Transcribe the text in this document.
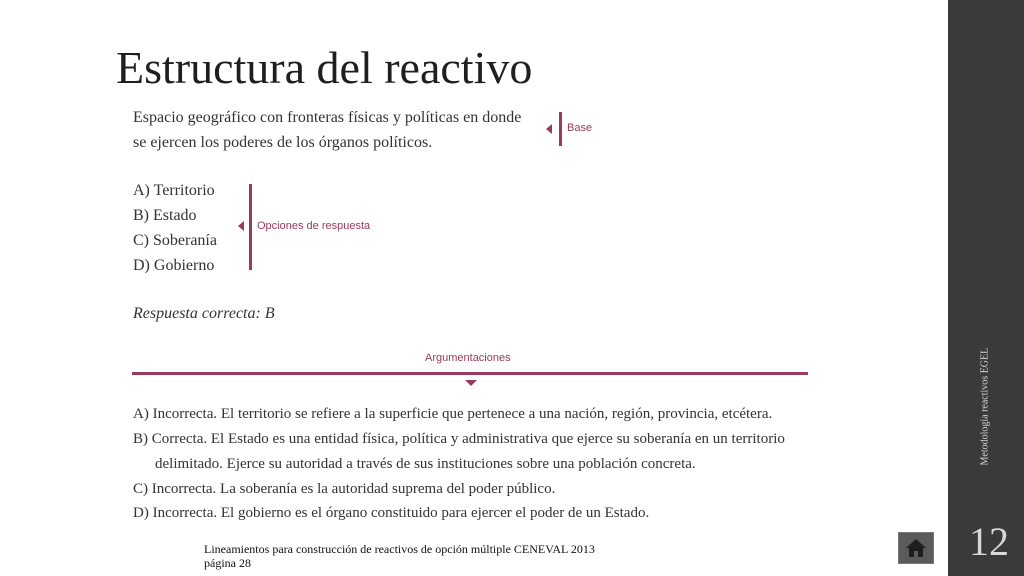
Estructura del reactivo
Espacio geográfico con fronteras físicas y políticas en donde
se ejercen los poderes de los órganos políticos.
Base
A) Territorio
B) Estado
C) Soberanía
D) Gobierno
Opciones de respuesta
Respuesta correcta: B
Argumentaciones
A) Incorrecta. El territorio se refiere a la superficie que pertenece a una nación, región, provincia, etcétera.
B) Correcta. El Estado es una entidad física, política y administrativa que ejerce su soberanía en un territorio
delimitado. Ejerce su autoridad a través de sus instituciones sobre una población concreta.
C) Incorrecta. La soberanía es la autoridad suprema del poder público.
D) Incorrecta. El gobierno es el órgano constituido para ejercer el poder de un Estado.
Lineamientos para construcción de reactivos de opción múltiple CENEVAL 2013
página 28
Metodología reactivos EGEL
12
